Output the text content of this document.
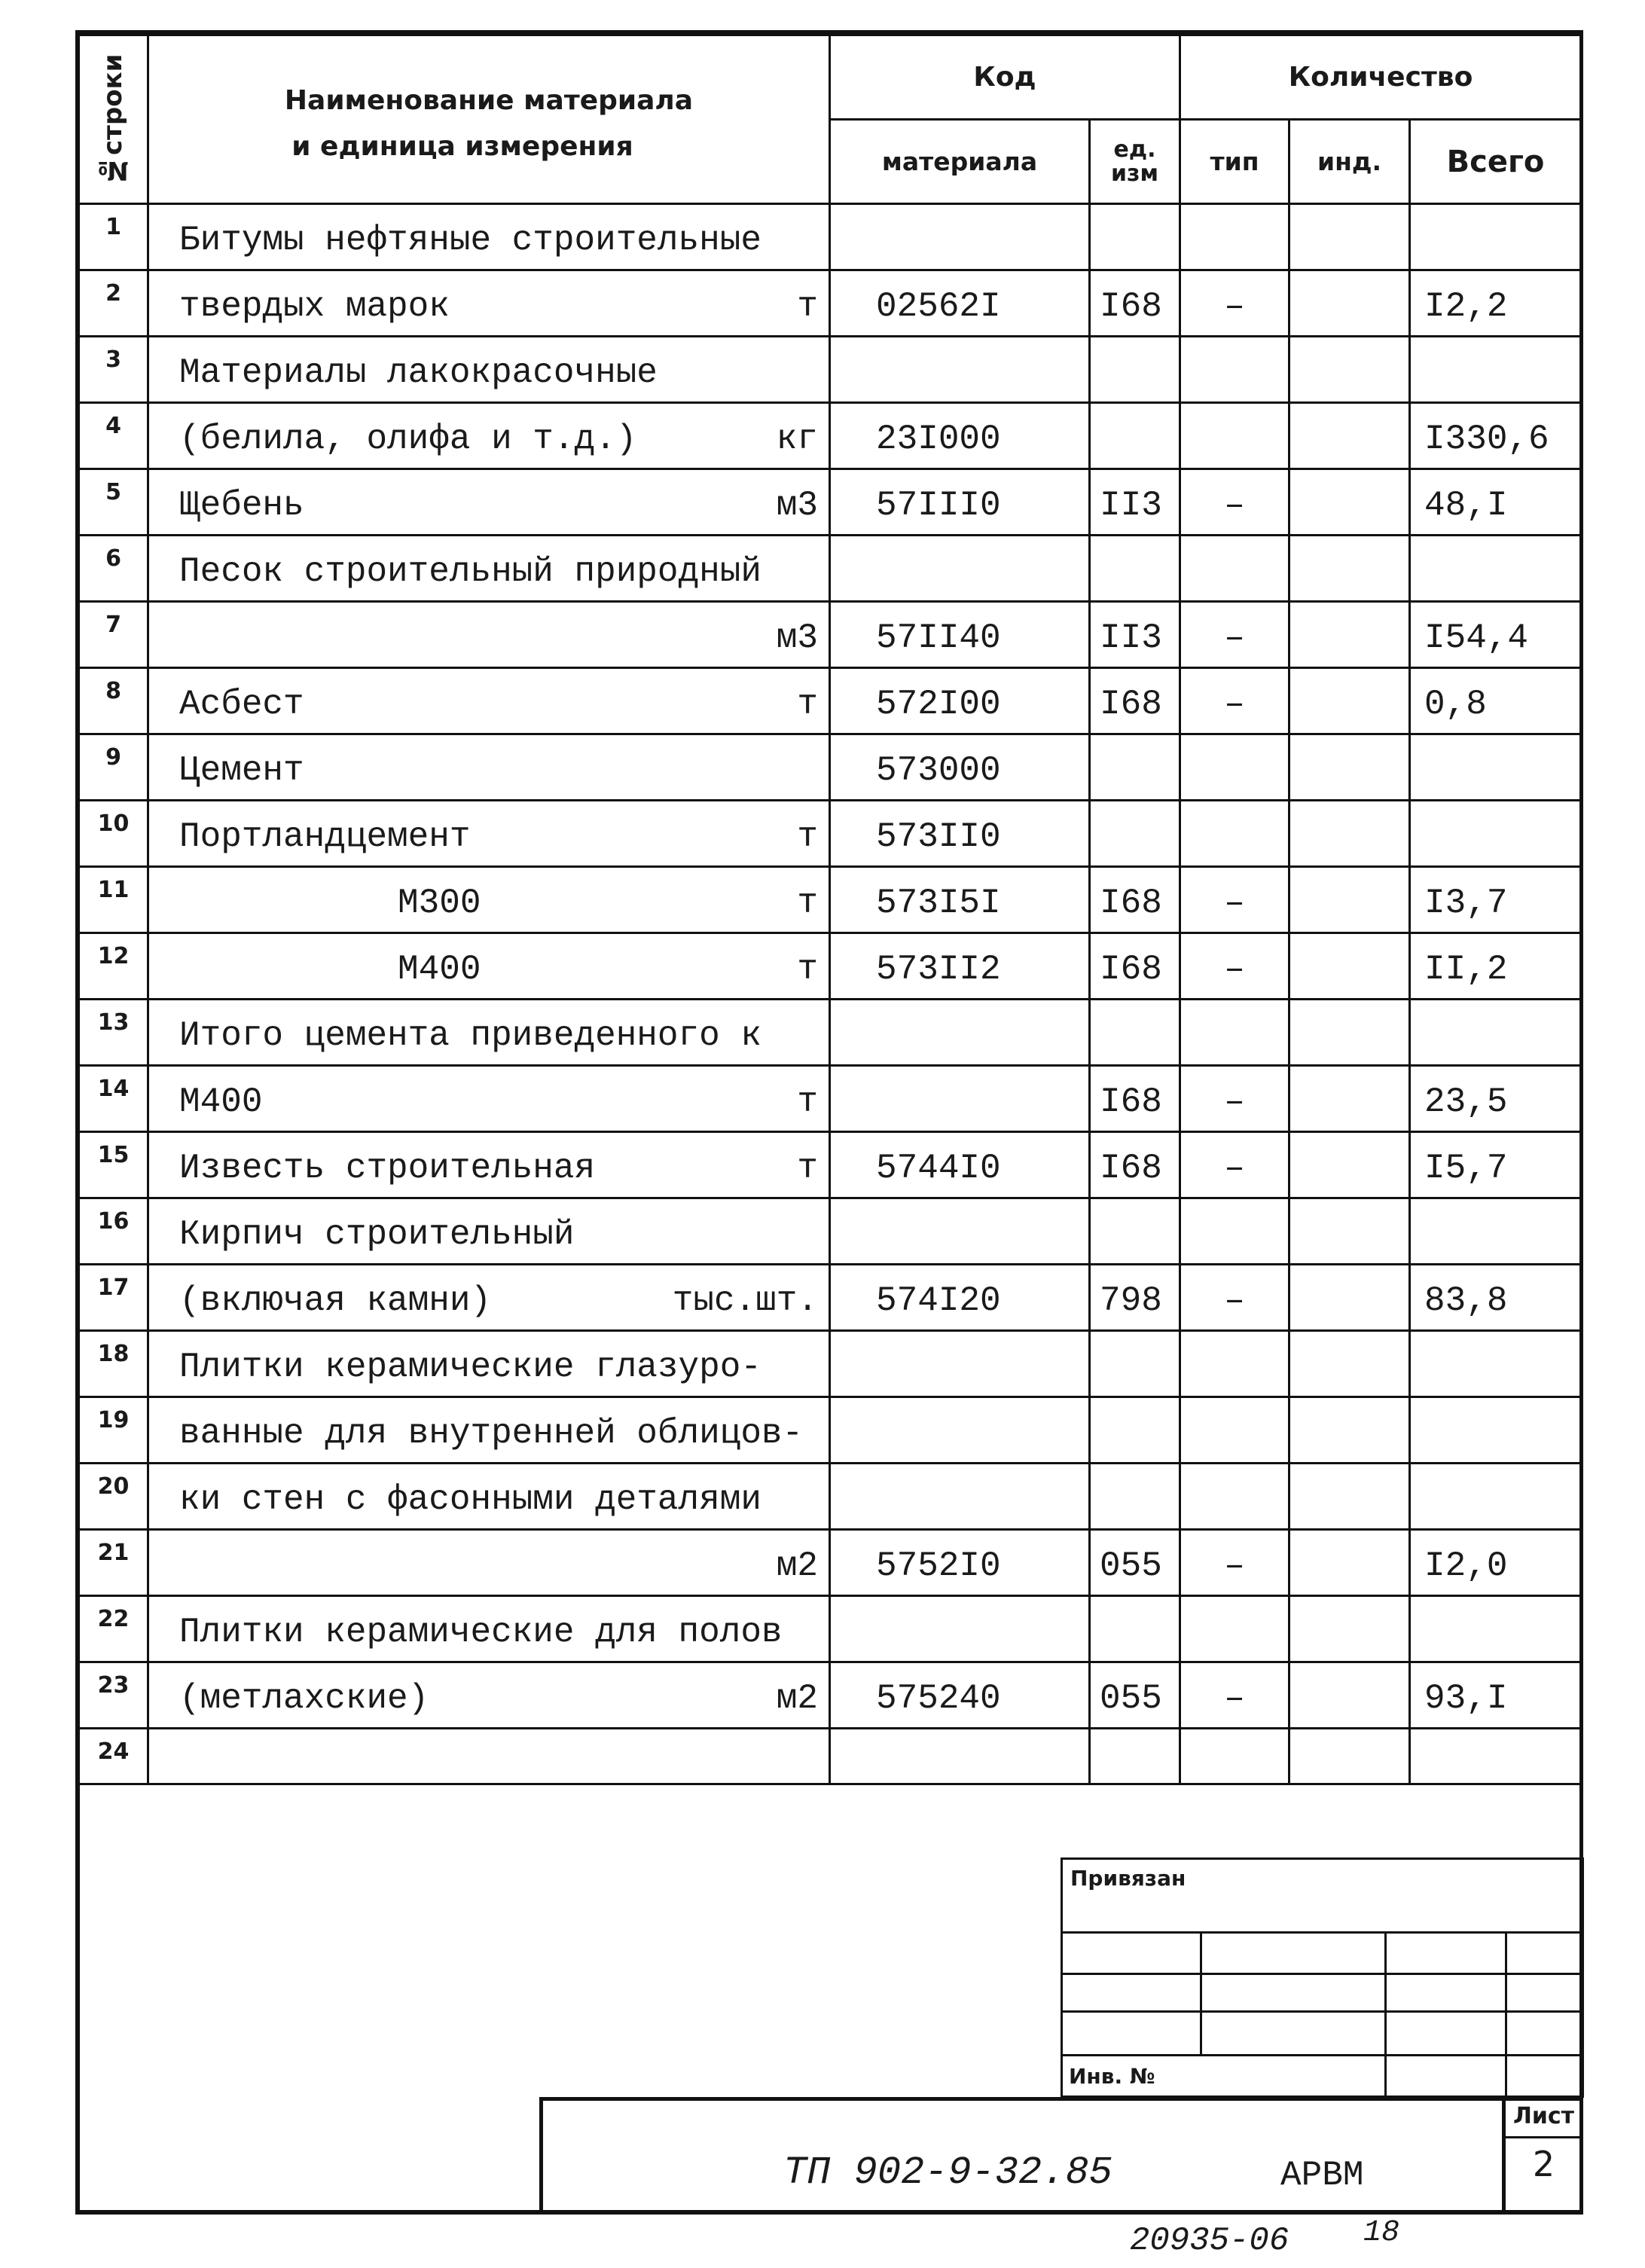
№строки	Наименование материала
и единица измерения	Код		Количество		
		материала	ед. изм	тип	инд.	Всего
1	Битумы нефтяные строительные					

2	твердых марок т	02562I	I68	–		I2,2
3	Материалы лакокрасочные					

4	(белила, олифа и т.д.) кг	23I000				I330,6
5	Щебень м3	57III0	II3	–		48,I
6	Песок строительный природный					

7	м3	57II40	II3	–		I54,4
8	Асбест т	572I00	I68	–		0,8
9	Цемент	573000				
10	Портландцемент т	573II0				
11	М300 т	573I5I	I68	–		I3,7
12	М400 т	573II2	I68	–		II,2
13	Итого цемента приведенного к					

14	М400 т		I68	–		23,5
15	Известь строительная т	5744I0	I68	–		I5,7
16	Кирпич строительный					

17	(включая камни) тыс.шт.	574I20	798	–		83,8
18	Плитки керамические глазуро-					

19	ванные для внутренней облицов-					

20	ки стен с фасонными деталями					

21	м2	5752I0	055	–		I2,0
22	Плитки керамические для полов					

23	(метлахские) м2	575240	055	–		93,I
24	

Привязан			

Инв. №			
ТП 902-9-32.85	АРВМ
Лист
2
20935-06 18
